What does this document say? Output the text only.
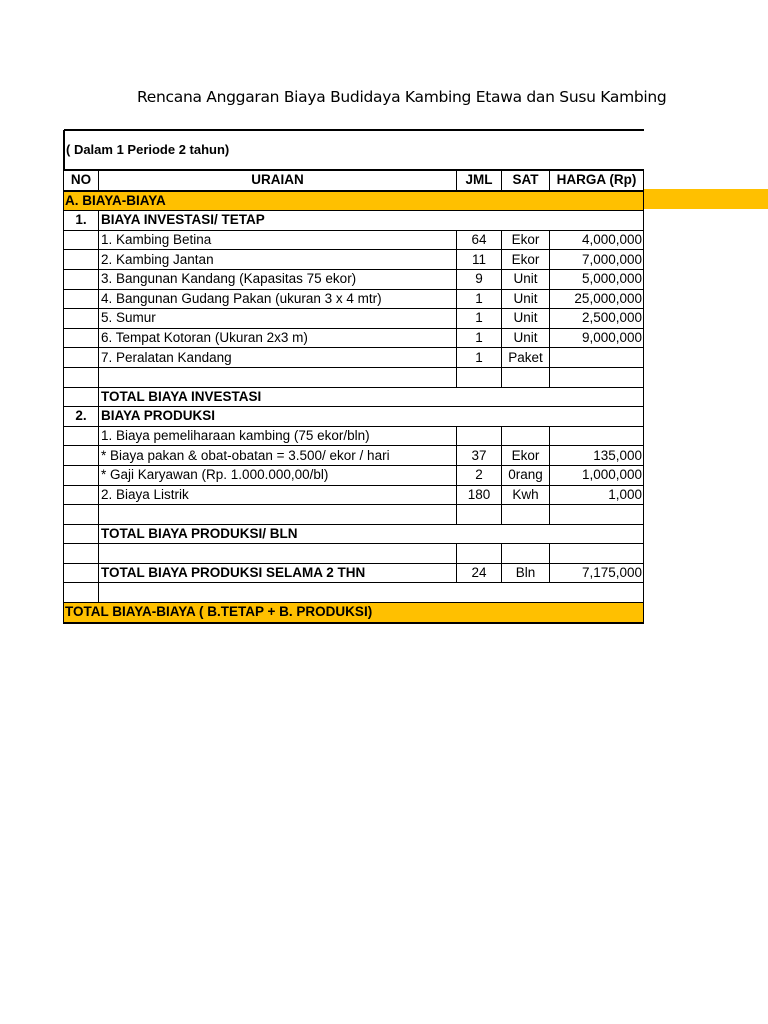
Rencana Anggaran Biaya Budidaya Kambing Etawa dan Susu Kambing
( Dalam 1 Periode 2 tahun)
NO	URAIAN	JML	SAT	HARGA (Rp)
A. BIAYA-BIAYA				
1.	BIAYA INVESTASI/ TETAP			
	1. Kambing Betina	64	Ekor	4,000,000
	2. Kambing Jantan	11	Ekor	7,000,000
	3. Bangunan Kandang (Kapasitas 75 ekor)	9	Unit	5,000,000
	4. Bangunan Gudang Pakan (ukuran 3 x 4 mtr)	1	Unit	25,000,000
	5. Sumur	1	Unit	2,500,000
	6. Tempat Kotoran (Ukuran 2x3 m)	1	Unit	9,000,000
	7. Peralatan Kandang	1	Paket	

	TOTAL BIAYA INVESTASI			
2.	BIAYA PRODUKSI			
	1. Biaya pemeliharaan kambing (75 ekor/bln)			
	* Biaya pakan & obat-obatan = 3.500/ ekor / hari	37	Ekor	135,000
	* Gaji Karyawan (Rp. 1.000.000,00/bl)	2	0rang	1,000,000
	2. Biaya Listrik	180	Kwh	1,000

	TOTAL BIAYA PRODUKSI/ BLN			

	TOTAL BIAYA PRODUKSI SELAMA 2 THN	24	Bln	7,175,000

TOTAL BIAYA-BIAYA ( B.TETAP + B. PRODUKSI)				
